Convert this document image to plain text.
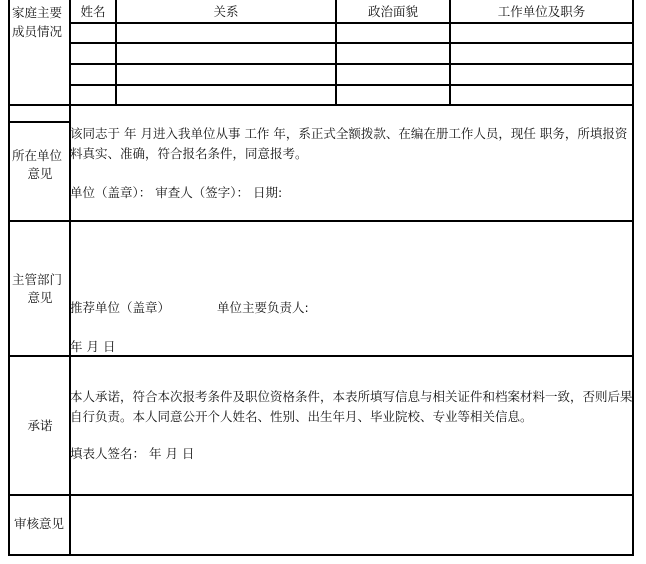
家庭主要
成员情况
姓名	关系	政治面貌	工作单位及职务
所在单位
意见
该同志于 年 月进入我单位从事 工作 年，系正式全额拨款、在编在册工作人员，现任 职务，所填报资料真实、准确，符合报名条件，同意报考。
单位（盖章）： 审查人（签字）： 日期:
主管部门
意见
推荐单位（盖章）	单位主要负责人:
年 月 日
承诺
本人承诺，符合本次报考条件及职位资格条件，本表所填写信息与相关证件和档案材料一致，否则后果自行负责。本人同意公开个人姓名、性别、出生年月、毕业院校、专业等相关信息。
填表人签名： 年 月 日
审核意见
